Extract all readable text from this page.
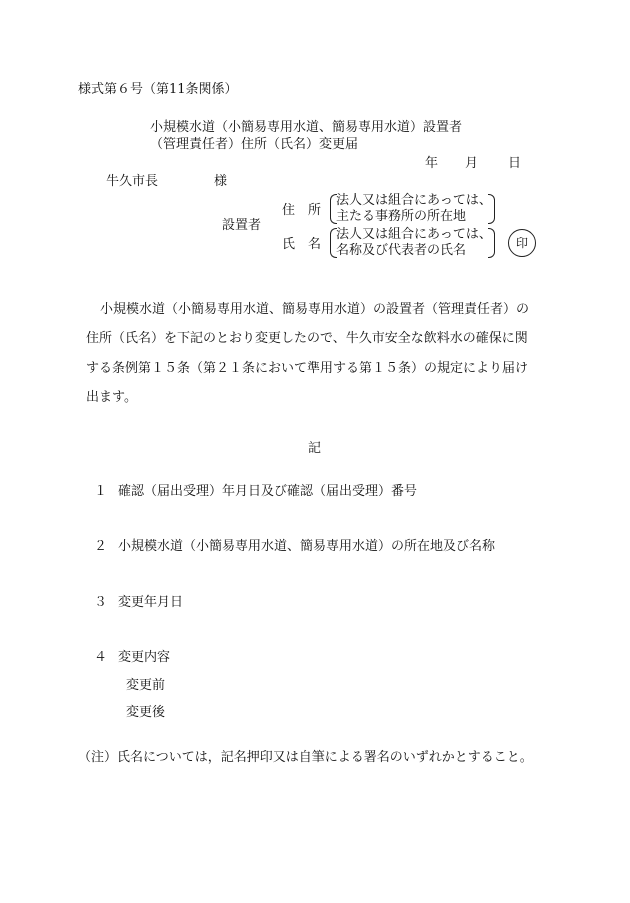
様式第６号（第11条関係）
小規模水道（小簡易専用水道、簡易専用水道）設置者
（管理責任者）住所（氏名）変更届
年 月 日
牛久市長	様
設置者
住　所
法人又は組合にあっては、
主たる事務所の所在地
氏　名
法人又は組合にあっては、
名称及び代表者の氏名	印
小規模水道（小簡易専用水道、簡易専用水道）の設置者（管理責任者）の
住所（氏名）を下記のとおり変更したので、牛久市安全な飲料水の確保に関
する条例第１５条（第２１条において準用する第１５条）の規定により届け
出ます。
記
１ 確認（届出受理）年月日及び確認（届出受理）番号
２ 小規模水道（小簡易専用水道、簡易専用水道）の所在地及び名称
３ 変更年月日
４ 変更内容
変更前
変更後
（注）氏名については，記名押印又は自筆による署名のいずれかとすること。
